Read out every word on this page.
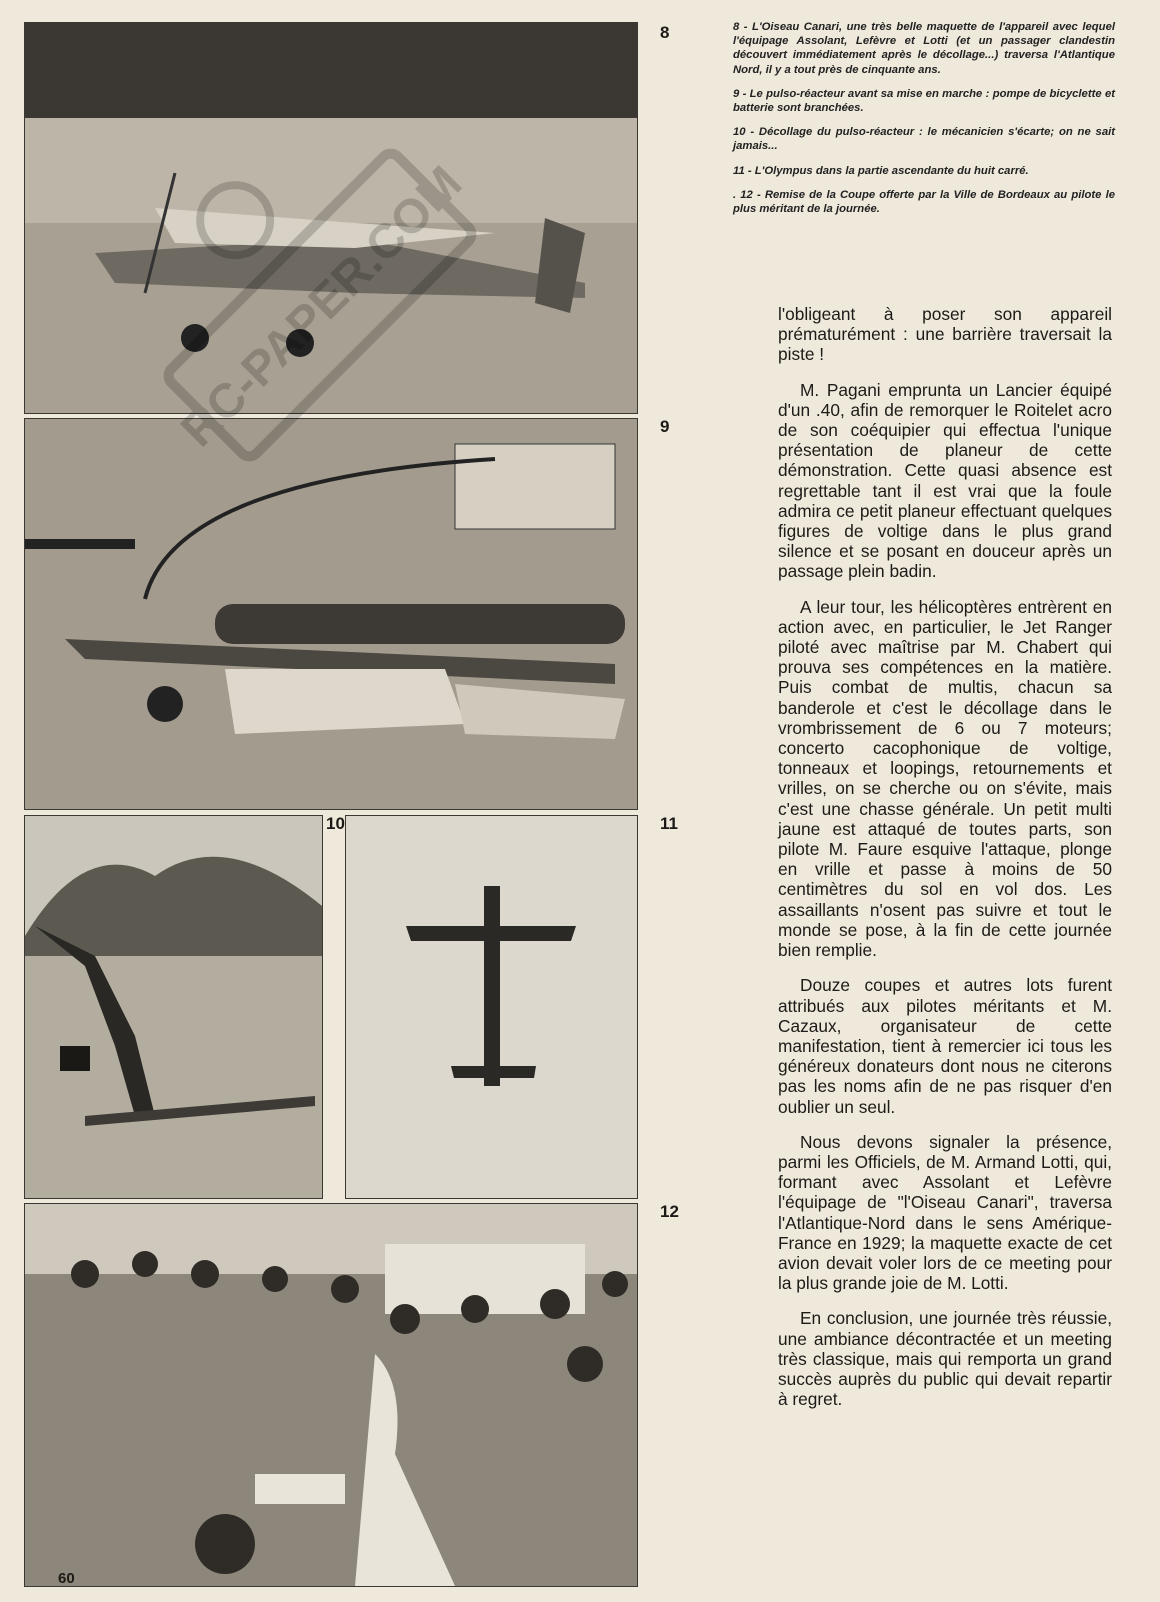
8
9
10	11
12

8 - L'Oiseau Canari, une très belle maquette de l'appareil avec lequel l'équipage Assolant, Lefèvre et Lotti (et un passager clandestin découvert immédiatement après le décollage...) traversa l'Atlantique Nord, il y a tout près de cinquante ans.

9 - Le pulso-réacteur avant sa mise en marche : pompe de bicyclette et batterie sont branchées.

10 - Décollage du pulso-réacteur : le mécanicien s'écarte; on ne sait jamais...

11 - L'Olympus dans la partie ascendante du huit carré.

. 12 - Remise de la Coupe offerte par la Ville de Bordeaux au pilote le plus méritant de la journée.

l'obligeant à poser son appareil prématurément : une barrière traversait la piste !

M. Pagani emprunta un Lancier équipé d'un .40, afin de remorquer le Roitelet acro de son coéquipier qui effectua l'unique présentation de planeur de cette démonstration. Cette quasi absence est regrettable tant il est vrai que la foule admira ce petit planeur effectuant quelques figures de voltige dans le plus grand silence et se posant en douceur après un passage plein badin.

A leur tour, les hélicoptères entrèrent en action avec, en particulier, le Jet Ranger piloté avec maîtrise par M. Chabert qui prouva ses compétences en la matière. Puis combat de multis, chacun sa banderole et c'est le décollage dans le vrombrissement de 6 ou 7 moteurs; concerto cacophonique de voltige, tonneaux et loopings, retournements et vrilles, on se cherche ou on s'évite, mais c'est une chasse générale. Un petit multi jaune est attaqué de toutes parts, son pilote M. Faure esquive l'attaque, plonge en vrille et passe à moins de 50 centimètres du sol en vol dos. Les assaillants n'osent pas suivre et tout le monde se pose, à la fin de cette journée bien remplie.

Douze coupes et autres lots furent attribués aux pilotes méritants et M. Cazaux, organisateur de cette manifestation, tient à remercier ici tous les généreux donateurs dont nous ne citerons pas les noms afin de ne pas risquer d'en oublier un seul.

Nous devons signaler la présence, parmi les Officiels, de M. Armand Lotti, qui, formant avec Assolant et Lefèvre l'équipage de "l'Oiseau Canari", traversa l'Atlantique-Nord dans le sens Amérique-France en 1929; la maquette exacte de cet avion devait voler lors de ce meeting pour la plus grande joie de M. Lotti.

En conclusion, une journée très réussie, une ambiance décontractée et un meeting très classique, mais qui remporta un grand succès auprès du public qui devait repartir à regret.

60
